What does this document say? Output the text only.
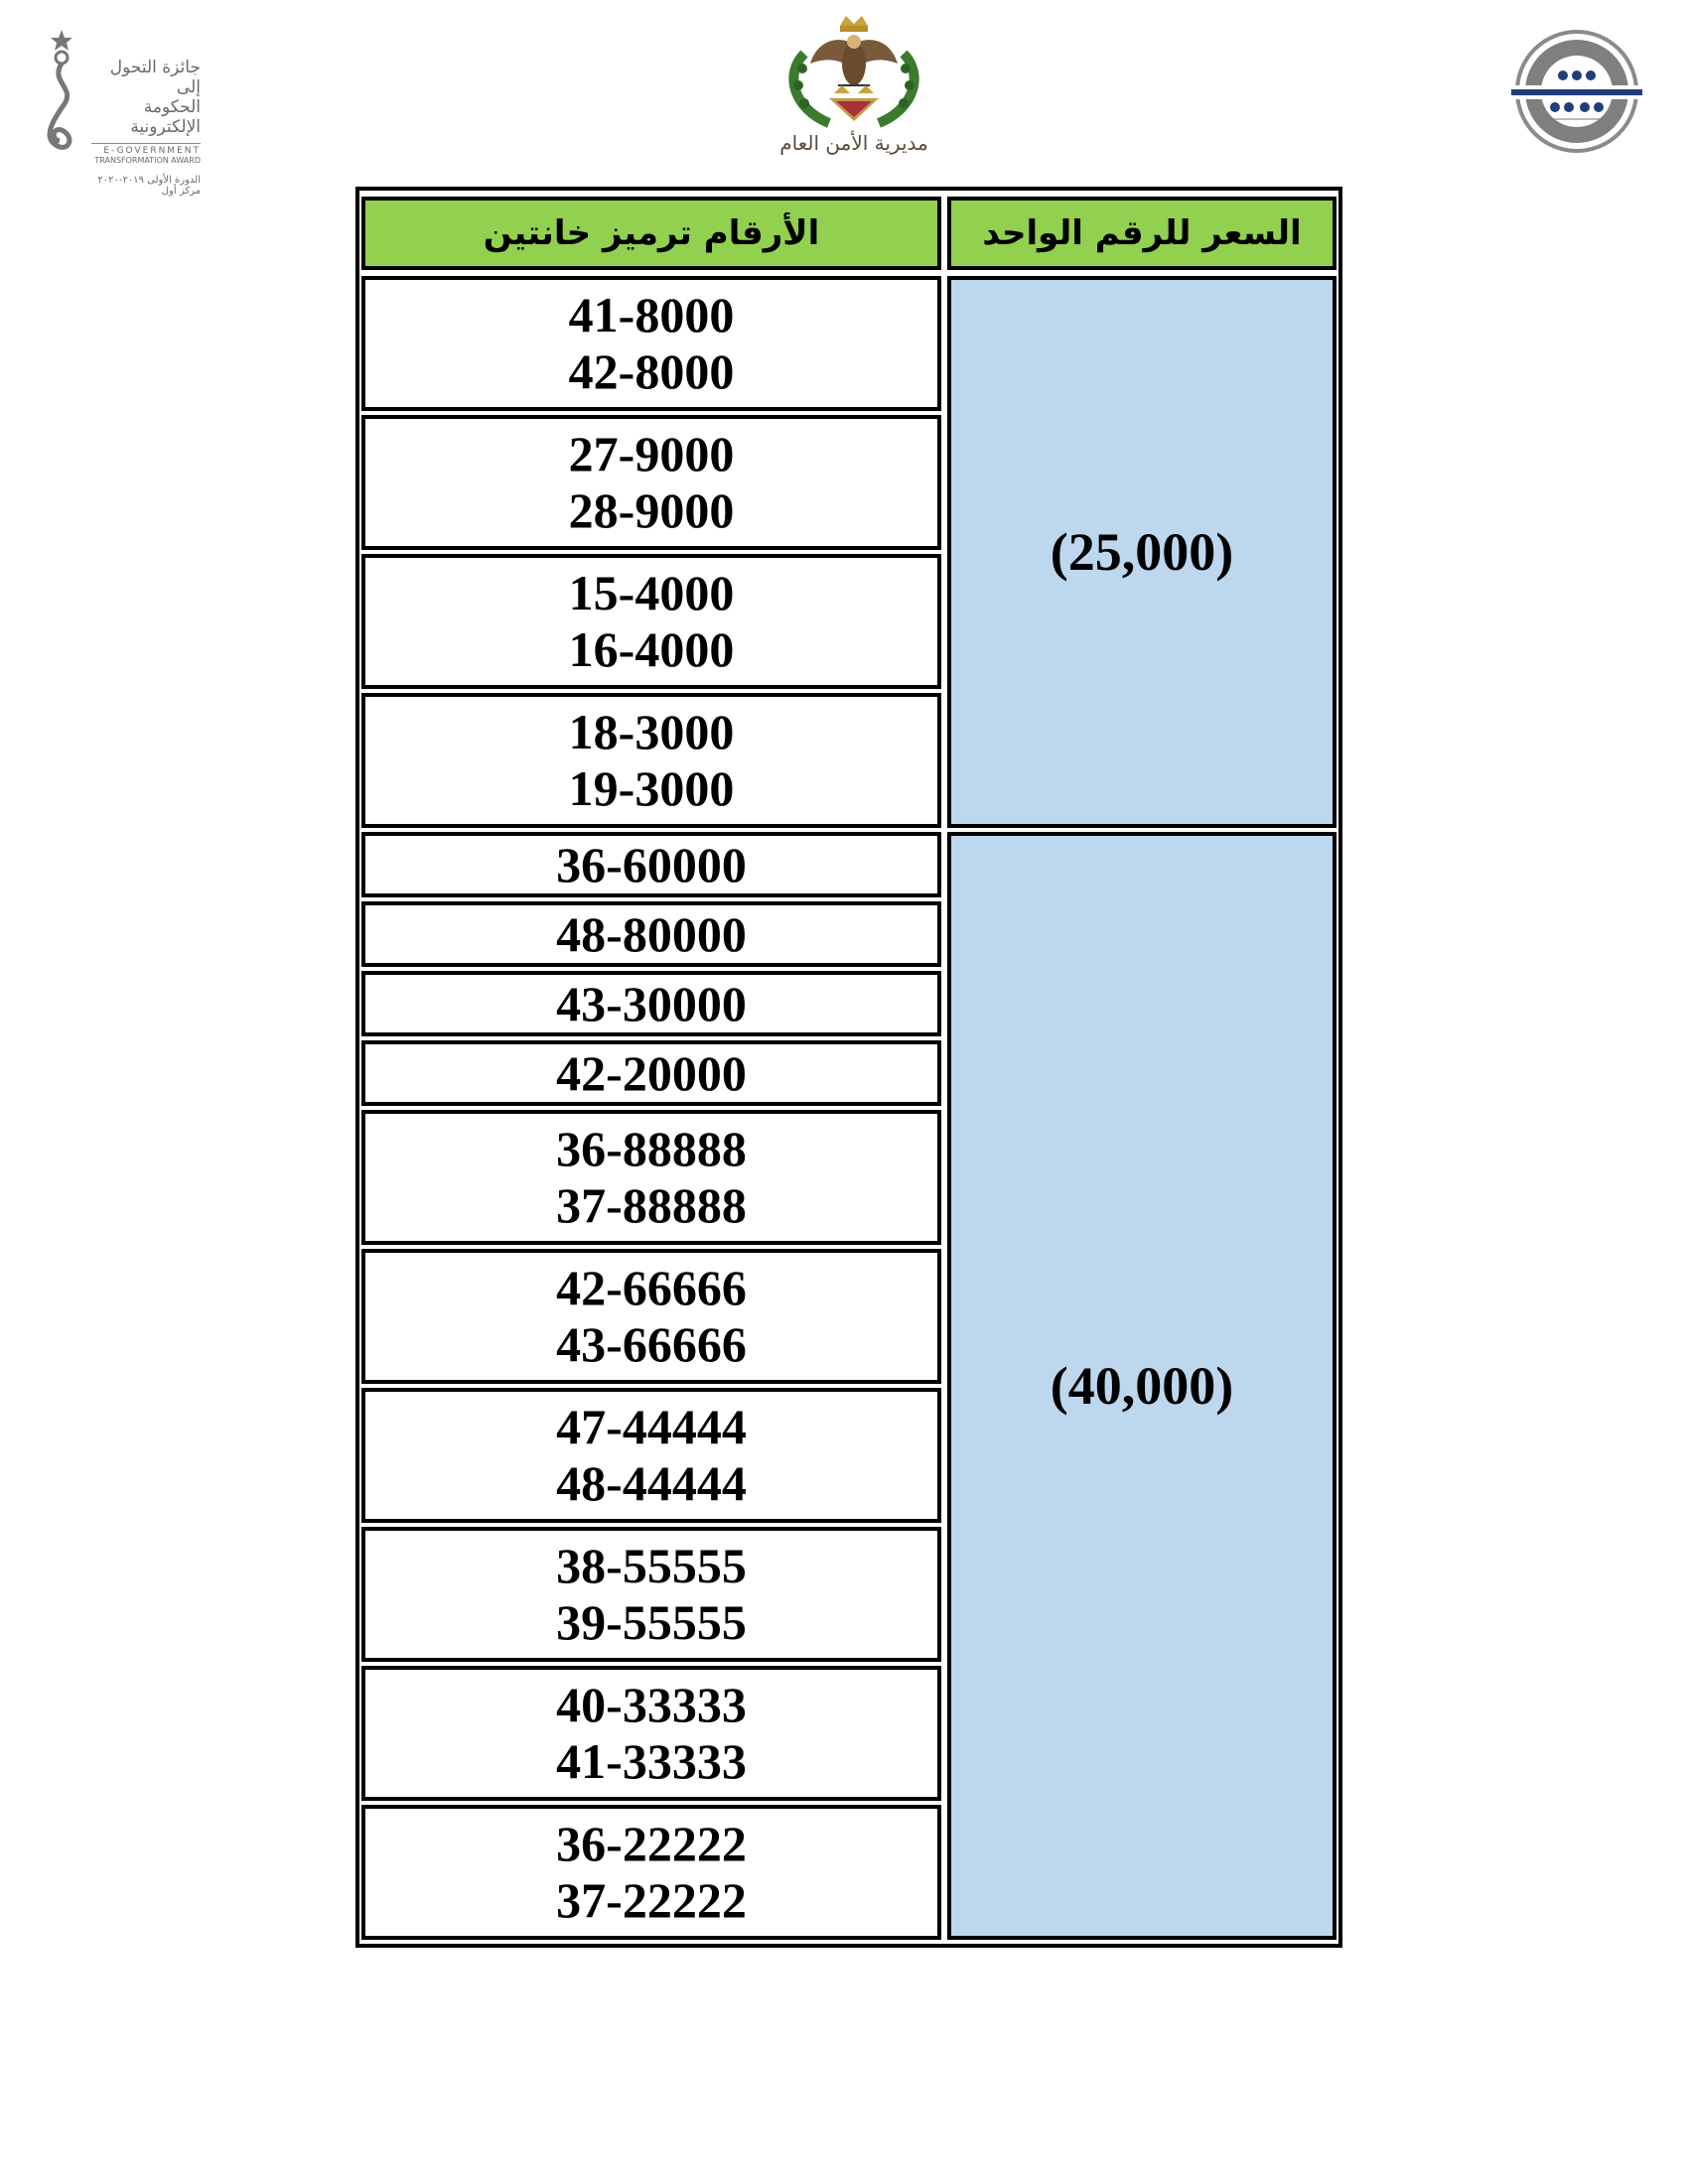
جائزة التحول إلى
الحكومة الإلكترونية
E-GOVERNMENT
TRANSFORMATION AWARD
الدورة الأولى ٢٠١٩-٢٠٢٠
مركز أول
مديرية الأمن العام
الأرقام ترميز خانتين	السعر للرقم الواحد
(25,000)
41-8000
42-8000
27-9000
28-9000
15-4000
16-4000
18-3000
19-3000
(40,000)
36-60000
48-80000
43-30000
42-20000
36-88888
37-88888
42-66666
43-66666
47-44444
48-44444
38-55555
39-55555
40-33333
41-33333
36-22222
37-22222
